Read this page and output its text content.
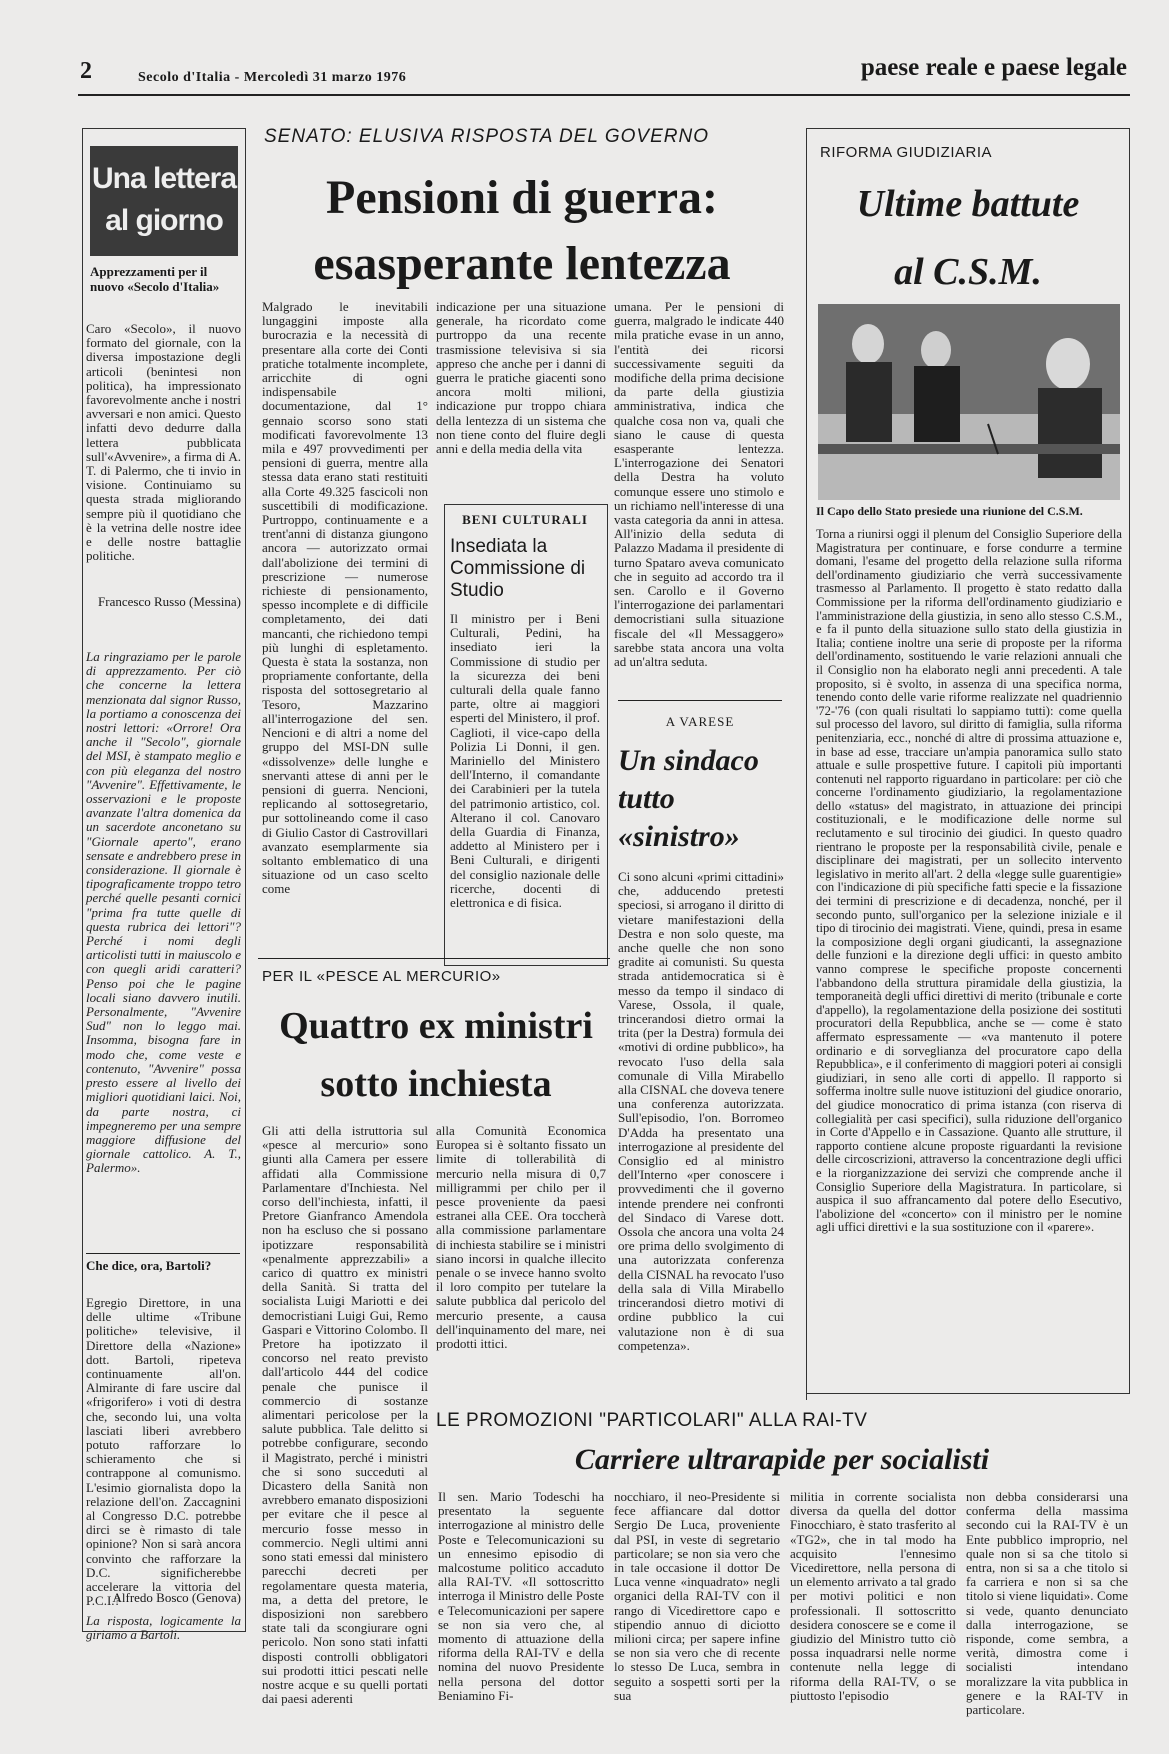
2	Secolo d'Italia - Mercoledì 31 marzo 1976	paese reale e paese legale
Una lettera al giorno
Apprezzamenti per il nuovo «Secolo d'Italia»
Caro «Secolo», il nuovo formato del giornale, con la diversa impostazione degli articoli (benintesi non politica), ha impressionato favorevolmente anche i nostri avversari e non amici. Questo infatti devo dedurre dalla lettera pubblicata sull'«Avvenire», a firma di A. T. di Palermo, che ti invio in visione. Continuiamo su questa strada migliorando sempre più il quotidiano che è la vetrina delle nostre idee e delle nostre battaglie politiche.
Francesco Russo (Messina)
La ringraziamo per le parole di apprezzamento. Per ciò che concerne la lettera menzionata dal signor Russo, la portiamo a conoscenza dei nostri lettori: «Orrore! Ora anche il "Secolo", giornale del MSI, è stampato meglio e con più eleganza del nostro "Avvenire". Effettivamente, le osservazioni e le proposte avanzate l'altra domenica da un sacerdote anconetano su "Giornale aperto", erano sensate e andrebbero prese in considerazione. Il giornale è tipograficamente troppo tetro perché quelle pesanti cornici "prima fra tutte quelle di questa rubrica dei lettori"? Perché i nomi degli articolisti tutti in maiuscolo e con quegli aridi caratteri? Penso poi che le pagine locali siano davvero inutili. Personalmente, "Avvenire Sud" non lo leggo mai. Insomma, bisogna fare in modo che, come veste e contenuto, "Avvenire" possa presto essere al livello dei migliori quotidiani laici. Noi, da parte nostra, ci impegneremo per una sempre maggiore diffusione del giornale cattolico. A. T., Palermo».
Che dice, ora, Bartoli?
Egregio Direttore, in una delle ultime «Tribune politiche» televisive, il Direttore della «Nazione» dott. Bartoli, ripeteva continuamente all'on. Almirante di fare uscire dal «frigorifero» i voti di destra che, secondo lui, una volta lasciati liberi avrebbero potuto rafforzare lo schieramento che si contrappone al comunismo. L'esimio giornalista dopo la relazione dell'on. Zaccagnini al Congresso D.C. potrebbe dirci se è rimasto di tale opinione? Non si sarà ancora convinto che rafforzare la D.C. significherebbe accelerare la vittoria del P.C.I.?
Alfredo Bosco (Genova)
La risposta, logicamente la giriamo a Bartoli.
SENATO: ELUSIVA RISPOSTA DEL GOVERNO
Pensioni di guerra:
esasperante lentezza
Malgrado le inevitabili lungaggini imposte alla burocrazia e la necessità di presentare alla corte dei Conti pratiche totalmente incomplete, arricchite di ogni indispensabile documentazione, dal 1° gennaio scorso sono stati modificati favorevolmente 13 mila e 497 provvedimenti per pensioni di guerra, mentre alla stessa data erano stati restituiti alla Corte 49.325 fascicoli non suscettibili di modificazione. Purtroppo, continuamente e a trent'anni di distanza giungono ancora — autorizzato ormai dall'abolizione dei termini di prescrizione — numerose richieste di pensionamento, spesso incomplete e di difficile completamento, dei dati mancanti, che richiedono tempi più lunghi di espletamento. Questa è stata la sostanza, non propriamente confortante, della risposta del sottosegretario al Tesoro, Mazzarino all'interrogazione del sen. Nencioni e di altri a nome del gruppo del MSI-DN sulle «dissolvenze» delle lunghe e snervanti attese di anni per le pensioni di guerra. Nencioni, replicando al sottosegretario, pur sottolineando come il caso di Giulio Castor di Castrovillari avanzato esemplarmente sia soltanto emblematico di una situazione od un caso scelto come
indicazione per una situazione generale, ha ricordato come purtroppo da una recente trasmissione televisiva si sia appreso che anche per i danni di guerra le pratiche giacenti sono ancora molti milioni, indicazione pur troppo chiara della lentezza di un sistema che non tiene conto del fluire degli anni e della media della vita
umana. Per le pensioni di guerra, malgrado le indicate 440 mila pratiche evase in un anno, l'entità dei ricorsi successivamente seguiti da modifiche della prima decisione da parte della giustizia amministrativa, indica che qualche cosa non va, quali che siano le cause di questa esasperante lentezza. L'interrogazione dei Senatori della Destra ha voluto comunque essere uno stimolo e un richiamo nell'interesse di una vasta categoria da anni in attesa. All'inizio della seduta di Palazzo Madama il presidente di turno Spataro aveva comunicato che in seguito ad accordo tra il sen. Carollo e il Governo l'interrogazione dei parlamentari democristiani sulla situazione fiscale del «Il Messaggero» sarebbe stata ancora una volta ad un'altra seduta.
BENI CULTURALI
Insediata la Commissione di Studio
Il ministro per i Beni Culturali, Pedini, ha insediato ieri la Commissione di studio per la sicurezza dei beni culturali della quale fanno parte, oltre ai maggiori esperti del Ministero, il prof. Caglioti, il vice-capo della Polizia Li Donni, il gen. Mariniello del Ministero dell'Interno, il comandante dei Carabinieri per la tutela del patrimonio artistico, col. Alterano il col. Canovaro della Guardia di Finanza, addetto al Ministero per i Beni Culturali, e dirigenti del consiglio nazionale delle ricerche, docenti di elettronica e di fisica.
A VARESE
Un sindaco tutto «sinistro»
Ci sono alcuni «primi cittadini» che, adducendo pretesti speciosi, si arrogano il diritto di vietare manifestazioni della Destra e non solo queste, ma anche quelle che non sono gradite ai comunisti. Su questa strada antidemocratica si è messo da tempo il sindaco di Varese, Ossola, il quale, trincerandosi dietro ormai la trita (per la Destra) formula dei «motivi di ordine pubblico», ha revocato l'uso della sala comunale di Villa Mirabello alla CISNAL che doveva tenere una conferenza autorizzata. Sull'episodio, l'on. Borromeo D'Adda ha presentato una interrogazione al presidente del Consiglio ed al ministro dell'Interno «per conoscere i provvedimenti che il governo intende prendere nei confronti del Sindaco di Varese dott. Ossola che ancora una volta 24 ore prima dello svolgimento di una autorizzata conferenza della CISNAL ha revocato l'uso della sala di Villa Mirabello trincerandosi dietro motivi di ordine pubblico la cui valutazione non è di sua competenza».
PER IL «PESCE AL MERCURIO»
Quattro ex ministri
sotto inchiesta
Gli atti della istruttoria sul «pesce al mercurio» sono giunti alla Camera per essere affidati alla Commissione Parlamentare d'Inchiesta. Nel corso dell'inchiesta, infatti, il Pretore Gianfranco Amendola non ha escluso che si possano ipotizzare responsabilità «penalmente apprezzabili» a carico di quattro ex ministri della Sanità. Si tratta del socialista Luigi Mariotti e dei democristiani Luigi Gui, Remo Gaspari e Vittorino Colombo. Il Pretore ha ipotizzato il concorso nel reato previsto dall'articolo 444 del codice penale che punisce il commercio di sostanze alimentari pericolose per la salute pubblica. Tale delitto si potrebbe configurare, secondo il Magistrato, perché i ministri che si sono succeduti al Dicastero della Sanità non avrebbero emanato disposizioni per evitare che il pesce al mercurio fosse messo in commercio. Negli ultimi anni sono stati emessi dal ministero parecchi decreti per regolamentare questa materia, ma, a detta del pretore, le disposizioni non sarebbero state tali da scongiurare ogni pericolo. Non sono stati infatti disposti controlli obbligatori sui prodotti ittici pescati nelle nostre acque e su quelli portati dai paesi aderenti
alla Comunità Economica Europea si è soltanto fissato un limite di tollerabilità di mercurio nella misura di 0,7 milligrammi per chilo per il pesce proveniente da paesi estranei alla CEE. Ora toccherà alla commissione parlamentare di inchiesta stabilire se i ministri siano incorsi in qualche illecito penale o se invece hanno svolto il loro compito per tutelare la salute pubblica dal pericolo del mercurio presente, a causa dell'inquinamento del mare, nei prodotti ittici.
RIFORMA GIUDIZIARIA
Ultime battute
al C.S.M.
Il Capo dello Stato presiede una riunione del C.S.M.
Torna a riunirsi oggi il plenum del Consiglio Superiore della Magistratura per continuare, e forse condurre a termine domani, l'esame del progetto della relazione sulla riforma dell'ordinamento giudiziario che verrà successivamente trasmesso al Parlamento. Il progetto è stato redatto dalla Commissione per la riforma dell'ordinamento giudiziario e l'amministrazione della giustizia, in seno allo stesso C.S.M., e fa il punto della situazione sullo stato della giustizia in Italia; contiene inoltre una serie di proposte per la riforma dell'ordinamento, sostituendo le varie relazioni annuali che il Consiglio non ha elaborato negli anni precedenti. A tale proposito, si è svolto, in assenza di una specifica norma, tenendo conto delle varie riforme realizzate nel quadriennio '72-'76 (con quali risultati lo sappiamo tutti): come quella sul processo del lavoro, sul diritto di famiglia, sulla riforma penitenziaria, ecc., nonché di altre di prossima attuazione e, in base ad esse, tracciare un'ampia panoramica sullo stato attuale e sulle prospettive future. I capitoli più importanti contenuti nel rapporto riguardano in particolare: per ciò che concerne l'ordinamento giudiziario, la regolamentazione dello «status» del magistrato, in attuazione dei principi costituzionali, e le modificazione delle norme sul reclutamento e sul tirocinio dei giudici. In questo quadro rientrano le proposte per la responsabilità civile, penale e disciplinare dei magistrati, per un sollecito intervento legislativo in merito all'art. 2 della «legge sulle guarentigie» con l'indicazione di più specifiche fatti specie e la fissazione dei termini di prescrizione e di decadenza, nonché, per il secondo punto, sull'organico per la selezione iniziale e il tipo di tirocinio dei magistrati. Viene, quindi, presa in esame la composizione degli organi giudicanti, la assegnazione delle funzioni e la direzione degli uffici: in questo ambito vanno comprese le specifiche proposte concernenti l'abbandono della struttura piramidale della giustizia, la temporaneità degli uffici direttivi di merito (tribunale e corte d'appello), la regolamentazione della posizione dei sostituti procuratori della Repubblica, anche se — come è stato affermato espressamente — «va mantenuto il potere ordinario e di sorveglianza del procuratore capo della Repubblica», e il conferimento di maggiori poteri ai consigli giudiziari, in seno alle corti di appello. Il rapporto si sofferma inoltre sulle nuove istituzioni del giudice onorario, del giudice monocratico di prima istanza (con riserva di collegialità per casi specifici), sulla riduzione dell'organico in Corte d'Appello e in Cassazione. Quanto alle strutture, il rapporto contiene alcune proposte riguardanti la revisione delle circoscrizioni, attraverso la concentrazione degli uffici e la riorganizzazione dei servizi che comprende anche il Consiglio Superiore della Magistratura. In particolare, si auspica il suo affrancamento dal potere dello Esecutivo, l'abolizione del «concerto» con il ministro per le nomine agli uffici direttivi e la sua sostituzione con il «parere».
LE PROMOZIONI "PARTICOLARI" ALLA RAI-TV
Carriere ultrarapide per socialisti
Il sen. Mario Todeschi ha presentato la seguente interrogazione al ministro delle Poste e Telecomunicazioni su un ennesimo episodio di malcostume politico accaduto alla RAI-TV. «Il sottoscritto interroga il Ministro delle Poste e Telecomunicazioni per sapere se non sia vero che, al momento di attuazione della riforma della RAI-TV e della nomina del nuovo Presidente nella persona del dottor Beniamino Fi-
nocchiaro, il neo-Presidente si fece affiancare dal dottor Sergio De Luca, proveniente dal PSI, in veste di segretario particolare; se non sia vero che in tale occasione il dottor De Luca venne «inquadrato» negli organici della RAI-TV con il rango di Vicedirettore capo e stipendio annuo di diciotto milioni circa; per sapere infine se non sia vero che di recente lo stesso De Luca, sembra in seguito a sospetti sorti per la sua
militia in corrente socialista diversa da quella del dottor Finocchiaro, è stato trasferito al «TG2», che in tal modo ha acquisito l'ennesimo Vicedirettore, nella persona di un elemento arrivato a tal grado per motivi politici e non professionali. Il sottoscritto desidera conoscere se e come il giudizio del Ministro tutto ciò possa inquadrarsi nelle norme contenute nella legge di riforma della RAI-TV, o se piuttosto l'episodio
non debba considerarsi una conferma della massima secondo cui la RAI-TV è un Ente pubblico improprio, nel quale non si sa che titolo si entra, non si sa a che titolo si fa carriera e non si sa che titolo si viene liquidati». Come si vede, quanto denunciato dalla interrogazione, se risponde, come sembra, a verità, dimostra come i socialisti intendano moralizzare la vita pubblica in genere e la RAI-TV in particolare.
